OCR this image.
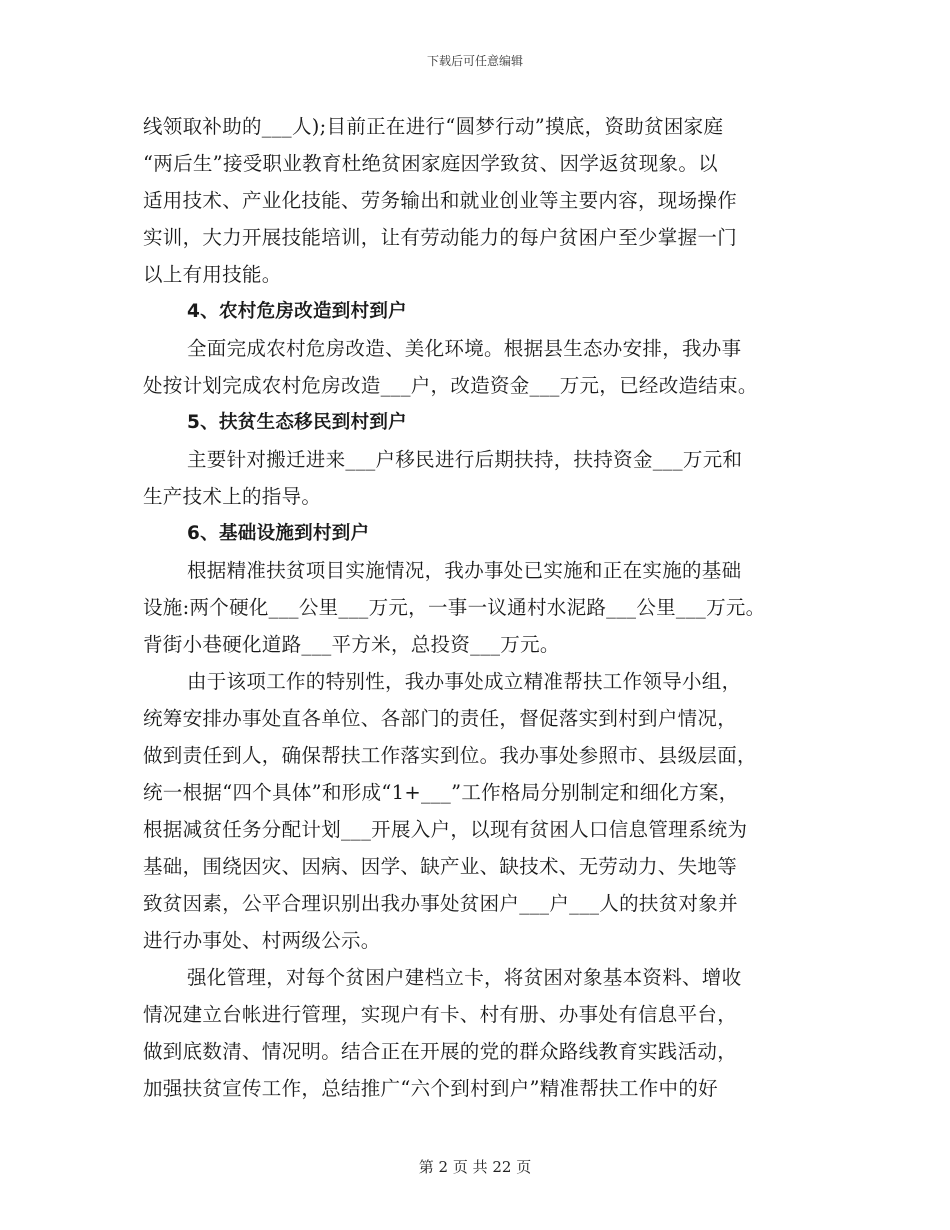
下载后可任意编辑
线领取补助的___人);目前正在进行“圆梦行动”摸底，资助贫困家庭
“两后生”接受职业教育杜绝贫困家庭因学致贫、因学返贫现象。以
适用技术、产业化技能、劳务输出和就业创业等主要内容，现场操作
实训，大力开展技能培训，让有劳动能力的每户贫困户至少掌握一门
以上有用技能。
4、农村危房改造到村到户
全面完成农村危房改造、美化环境。根据县生态办安排，我办事
处按计划完成农村危房改造___户，改造资金___万元，已经改造结束。
5、扶贫生态移民到村到户
主要针对搬迁进来___户移民进行后期扶持，扶持资金___万元和
生产技术上的指导。
6、基础设施到村到户
根据精准扶贫项目实施情况，我办事处已实施和正在实施的基础
设施:两个硬化___公里___万元，一事一议通村水泥路___公里___万元。
背街小巷硬化道路___平方米，总投资___万元。
由于该项工作的特别性，我办事处成立精准帮扶工作领导小组，
统筹安排办事处直各单位、各部门的责任，督促落实到村到户情况，
做到责任到人，确保帮扶工作落实到位。我办事处参照市、县级层面，
统一根据“四个具体”和形成“1+___”工作格局分别制定和细化方案，
根据减贫任务分配计划___开展入户，以现有贫困人口信息管理系统为
基础，围绕因灾、因病、因学、缺产业、缺技术、无劳动力、失地等
致贫因素，公平合理识别出我办事处贫困户___户___人的扶贫对象并
进行办事处、村两级公示。
强化管理，对每个贫困户建档立卡，将贫困对象基本资料、增收
情况建立台帐进行管理，实现户有卡、村有册、办事处有信息平台，
做到底数清、情况明。结合正在开展的党的群众路线教育实践活动，
加强扶贫宣传工作，总结推广“六个到村到户”精准帮扶工作中的好
第 2 页 共 22 页
